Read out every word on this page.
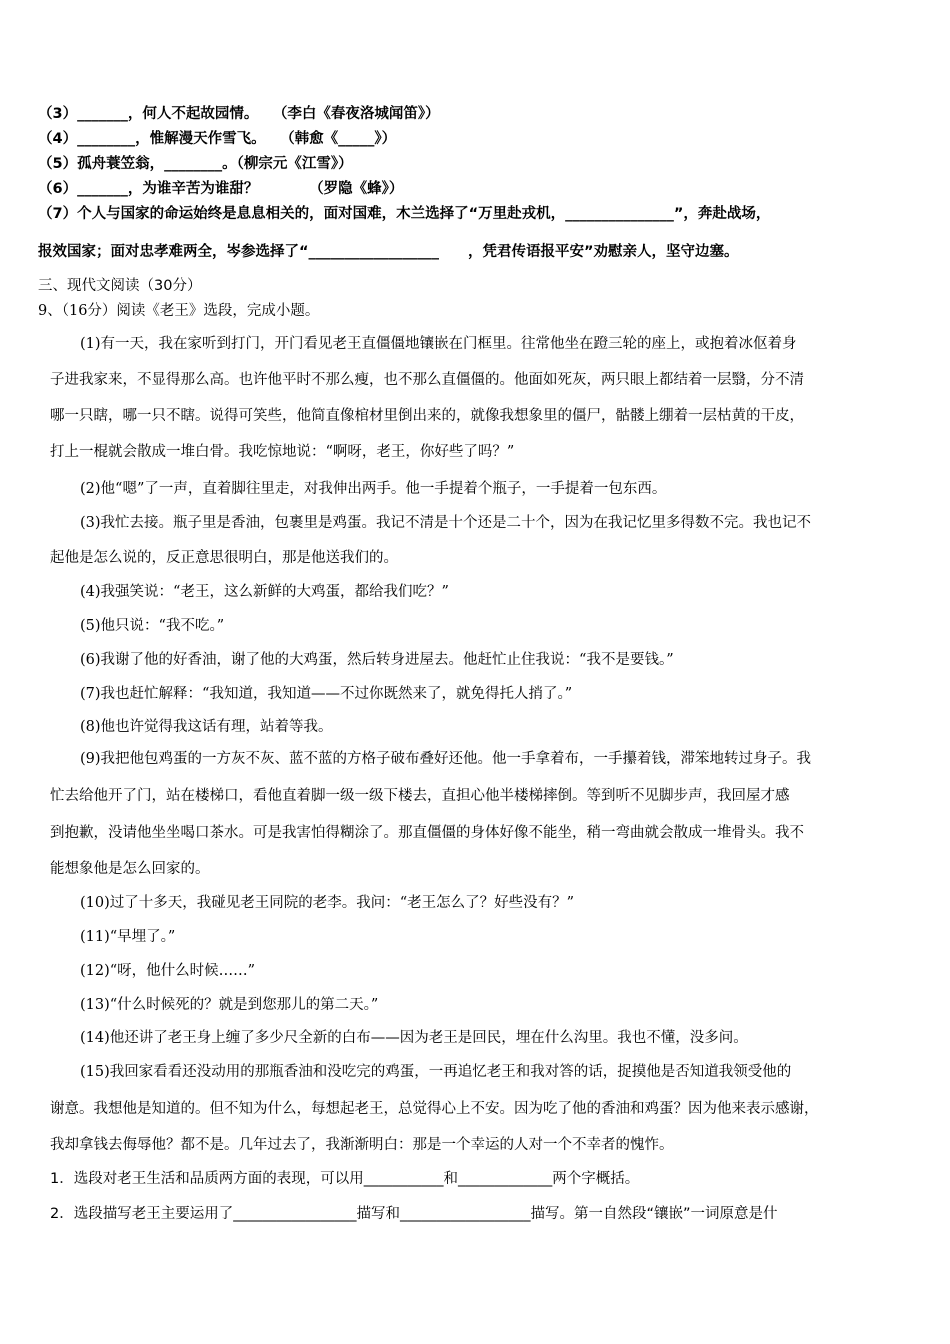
（3）_______，何人不起故园情。　　（李白《春夜洛城闻笛》）
（4）________，惟解漫天作雪飞。　　（韩愈《_____》）
（5）孤舟蓑笠翁，________。（柳宗元《江雪》）
（6）_______，为谁辛苦为谁甜？　　　　（罗隐《蜂》）
（7）个人与国家的命运始终是息息相关的，面对国难，木兰选择了“万里赴戎机，_______________”，奔赴战场，
报效国家；面对忠孝难两全，岑参选择了“__________________　　，凭君传语报平安”劝慰亲人，坚守边塞。
三、现代文阅读（30分）
9、（16分）阅读《老王》选段，完成小题。
(1)有一天，我在家听到打门，开门看见老王直僵僵地镶嵌在门框里。往常他坐在蹬三轮的座上，或抱着冰伛着身
子进我家来，不显得那么高。也许他平时不那么瘦，也不那么直僵僵的。他面如死灰，两只眼上都结着一层翳，分不清
哪一只瞎，哪一只不瞎。说得可笑些，他简直像棺材里倒出来的，就像我想象里的僵尸，骷髅上绷着一层枯黄的干皮，
打上一棍就会散成一堆白骨。我吃惊地说：“啊呀，老王，你好些了吗？”
(2)他“嗯”了一声，直着脚往里走，对我伸出两手。他一手提着个瓶子，一手提着一包东西。
(3)我忙去接。瓶子里是香油，包裹里是鸡蛋。我记不清是十个还是二十个，因为在我记忆里多得数不完。我也记不
起他是怎么说的，反正意思很明白，那是他送我们的。
(4)我强笑说：“老王，这么新鲜的大鸡蛋，都给我们吃？”
(5)他只说：“我不吃。”
(6)我谢了他的好香油，谢了他的大鸡蛋，然后转身进屋去。他赶忙止住我说：“我不是要钱。”
(7)我也赶忙解释：“我知道，我知道——不过你既然来了，就免得托人捎了。”
(8)他也许觉得我这话有理，站着等我。
(9)我把他包鸡蛋的一方灰不灰、蓝不蓝的方格子破布叠好还他。他一手拿着布，一手攥着钱，滞笨地转过身子。我
忙去给他开了门，站在楼梯口，看他直着脚一级一级下楼去，直担心他半楼梯摔倒。等到听不见脚步声，我回屋才感
到抱歉，没请他坐坐喝口茶水。可是我害怕得糊涂了。那直僵僵的身体好像不能坐，稍一弯曲就会散成一堆骨头。我不
能想象他是怎么回家的。
(10)过了十多天，我碰见老王同院的老李。我问：“老王怎么了？好些没有？”
(11)“早埋了。”
(12)“呀，他什么时候……”
(13)“什么时候死的？就是到您那儿的第二天。”
(14)他还讲了老王身上缠了多少尺全新的白布——因为老王是回民，埋在什么沟里。我也不懂，没多问。
(15)我回家看看还没动用的那瓶香油和没吃完的鸡蛋，一再追忆老王和我对答的话，捉摸他是否知道我领受他的
谢意。我想他是知道的。但不知为什么，每想起老王，总觉得心上不安。因为吃了他的香油和鸡蛋？因为他来表示感谢，
我却拿钱去侮辱他？都不是。几年过去了，我渐渐明白：那是一个幸运的人对一个不幸者的愧怍。
1．选段对老王生活和品质两方面的表现，可以用___________和_____________两个字概括。
2．选段描写老王主要运用了_________________描写和__________________描写。第一自然段“镶嵌”一词原意是什
